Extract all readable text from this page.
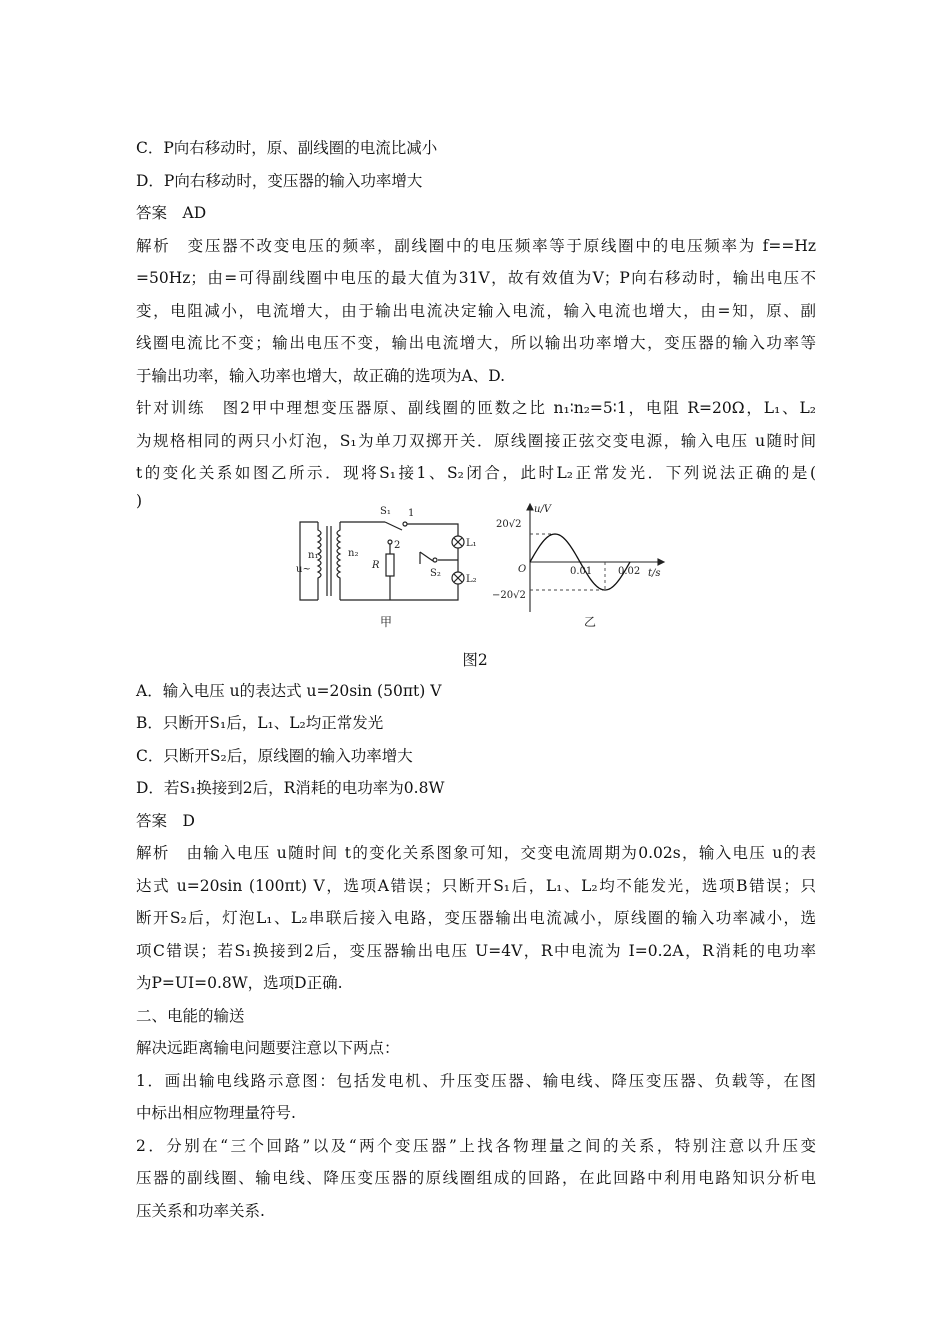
C．P向右移动时，原、副线圈的电流比减小
D．P向右移动时，变压器的输入功率增大
答案　AD
解析　变压器不改变电压的频率，副线圈中的电压频率等于原线圈中的电压频率为 f==Hz
=50Hz；由=可得副线圈中电压的最大值为31V，故有效值为V；P向右移动时，输出电压不
变，电阻减小，电流增大，由于输出电流决定输入电流，输入电流也增大，由=知，原、副
线圈电流比不变；输出电压不变，输出电流增大，所以输出功率增大，变压器的输入功率等
于输出功率，输入功率也增大，故正确的选项为A、D.
针对训练　图2甲中理想变压器原、副线圈的匝数之比 n₁∶n₂=5∶1，电阻 R=20Ω，L₁、L₂
为规格相同的两只小灯泡，S₁为单刀双掷开关．原线圈接正弦交变电源，输入电压 u随时间
t的变化关系如图乙所示．现将S₁接1、S₂闭合，此时L₂正常发光．下列说法正确的是(
)
n₁
u~
n₂
S₁ 1
2
R
L₁
S₂
L₂
甲
u/V
t/s
O
20√2
−20√2
0.01	0.02
乙
图2
A．输入电压 u的表达式 u=20sin (50πt) V
B．只断开S₁后，L₁、L₂均正常发光
C．只断开S₂后，原线圈的输入功率增大
D．若S₁换接到2后，R消耗的电功率为0.8W
答案　D
解析　由输入电压 u随时间 t的变化关系图象可知，交变电流周期为0.02s，输入电压 u的表
达式 u=20sin (100πt) V，选项A错误；只断开S₁后，L₁、L₂均不能发光，选项B错误；只
断开S₂后，灯泡L₁、L₂串联后接入电路，变压器输出电流减小，原线圈的输入功率减小，选
项C错误；若S₁换接到2后，变压器输出电压 U=4V，R中电流为 I=0.2A，R消耗的电功率
为P=UI=0.8W，选项D正确.
二、电能的输送
解决远距离输电问题要注意以下两点：
1．画出输电线路示意图：包括发电机、升压变压器、输电线、降压变压器、负载等，在图
中标出相应物理量符号.
2．分别在“三个回路”以及“两个变压器”上找各物理量之间的关系，特别注意以升压变
压器的副线圈、输电线、降压变压器的原线圈组成的回路，在此回路中利用电路知识分析电
压关系和功率关系.
